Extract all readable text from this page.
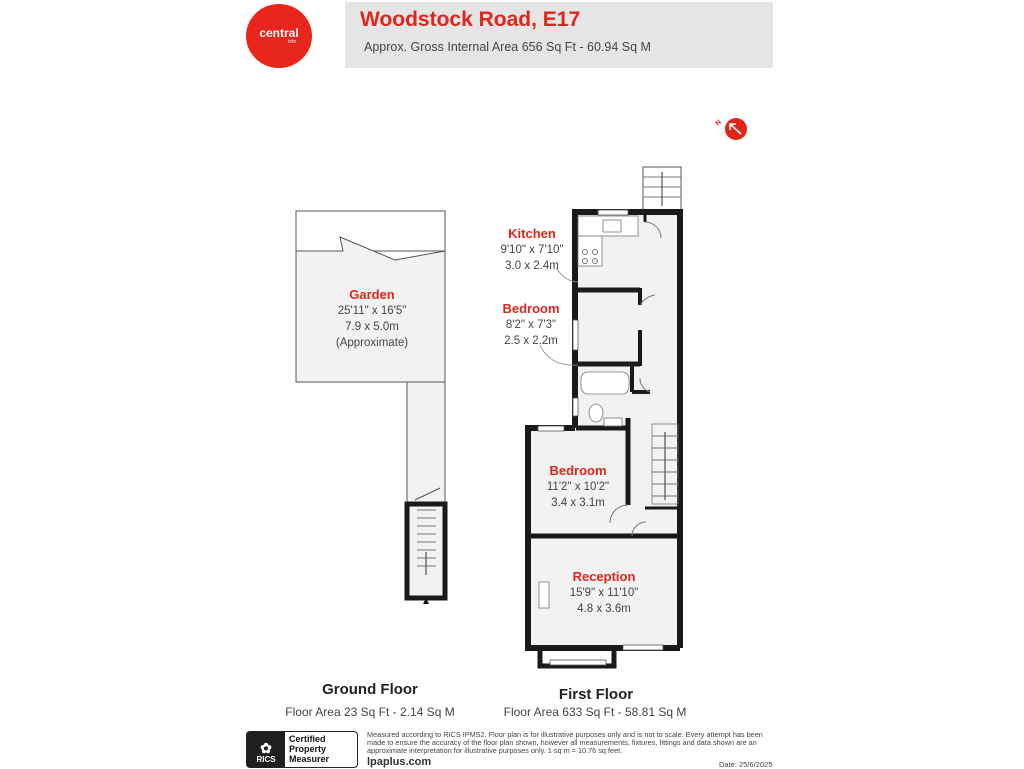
central
lets
Woodstock Road, E17
Approx. Gross Internal Area 656 Sq Ft - 60.94 Sq M
N
Garden
25'11" x 16'5"
7.9 x 5.0m
(Approximate)
Kitchen
9'10" x 7'10"
3.0 x 2.4m
Bedroom
8'2" x 7'3"
2.5 x 2.2m
Bedroom
11'2" x 10'2"
3.4 x 3.1m
Reception
15'9" x 11'10"
4.8 x 3.6m
Ground Floor
Floor Area 23 Sq Ft - 2.14 Sq M
First Floor
Floor Area 633 Sq Ft - 58.81 Sq M
✿
RICS
Certified
Property
Measurer
Measured according to RICS IPMS2. Floor plan is for illustrative purposes only and is not to scale. Every attempt has been made to ensure the accuracy of the floor plan shown, however all measurements, fixtures, fittings and data shown are an approximate interpretation for illustrative purposes only. 1 sq m = 10.76 sq feet.
lpaplus.com	Date: 25/6/2025
